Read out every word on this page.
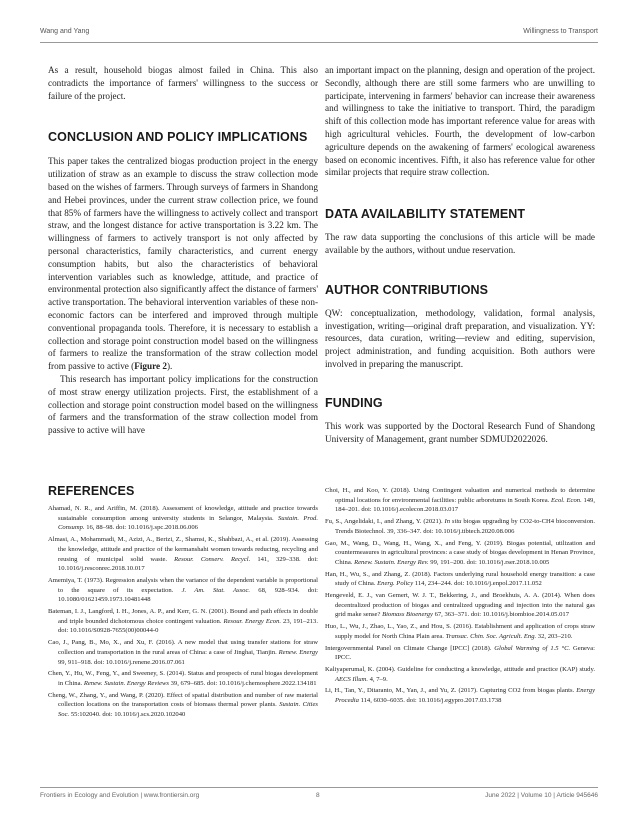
Wang and Yang	Willingness to Transport

As a result, household biogas almost failed in China. This also contradicts the importance of farmers' willingness to the success or failure of the project.

CONCLUSION AND POLICY IMPLICATIONS

This paper takes the centralized biogas production project in the energy utilization of straw as an example to discuss the straw collection mode based on the wishes of farmers. Through surveys of farmers in Shandong and Hebei provinces, under the current straw collection price, we found that 85% of farmers have the willingness to actively collect and transport straw, and the longest distance for active transportation is 3.22 km. The willingness of farmers to actively transport is not only affected by personal characteristics, family characteristics, and current energy consumption habits, but also the characteristics of behavioral intervention variables such as knowledge, attitude, and practice of environmental protection also significantly affect the distance of farmers' active transportation. The behavioral intervention variables of these non-economic factors can be interfered and improved through multiple conventional propaganda tools. Therefore, it is necessary to establish a collection and storage point construction model based on the willingness of farmers to realize the transformation of the straw collection model from passive to active (Figure 2).

This research has important policy implications for the construction of most straw energy utilization projects. First, the establishment of a collection and storage point construction model based on the willingness of farmers and the transformation of the straw collection model from passive to active will have

an important impact on the planning, design and operation of the project. Secondly, although there are still some farmers who are unwilling to participate, intervening in farmers' behavior can increase their awareness and willingness to take the initiative to transport. Third, the paradigm shift of this collection mode has important reference value for areas with high agricultural vehicles. Fourth, the development of low-carbon agriculture depends on the awakening of farmers' ecological awareness based on economic incentives. Fifth, it also has reference value for other similar projects that require straw collection.

DATA AVAILABILITY STATEMENT

The raw data supporting the conclusions of this article will be made available by the authors, without undue reservation.

AUTHOR CONTRIBUTIONS

QW: conceptualization, methodology, validation, formal analysis, investigation, writing—original draft preparation, and visualization. YY: resources, data curation, writing—review and editing, supervision, project administration, and funding acquisition. Both authors were involved in preparing the manuscript.

FUNDING

This work was supported by the Doctoral Research Fund of Shandong University of Management, grant number SDMUD2022026.

REFERENCES

Ahamad, N. R., and Ariffin, M. (2018). Assessment of knowledge, attitude and practice towards sustainable consumption among university students in Selangor, Malaysia. Sustain. Prod. Consump. 16, 88–98. doi: 10.1016/j.spc.2018.06.006

Almasi, A., Mohammadi, M., Azizi, A., Berizi, Z., Shamsi, K., Shahbazi, A., et al. (2019). Assessing the knowledge, attitude and practice of the kermanshahi women towards reducing, recycling and reusing of municipal solid waste. Resour. Conserv. Recycl. 141, 329–338. doi: 10.1016/j.resconrec.2018.10.017

Amemiya, T. (1973). Regression analysis when the variance of the dependent variable is proportional to the square of its expectation. J. Am. Stat. Assoc. 68, 928–934. doi: 10.1080/01621459.1973.10481448

Bateman, I. J., Langford, I. H., Jones, A. P., and Kerr, G. N. (2001). Bound and path effects in double and triple bounded dichotomous choice contingent valuation. Resour. Energy Econ. 23, 191–213. doi: 10.1016/S0928-7655(00)00044-0

Cao, J., Pang, B., Mo, X., and Xu, F. (2016). A new model that using transfer stations for straw collection and transportation in the rural areas of China: a case of Jinghai, Tianjin. Renew. Energy 99, 911–918. doi: 10.1016/j.renene.2016.07.061

Chen, Y., Hu, W., Feng, Y., and Sweeney, S. (2014). Status and prospects of rural biogas development in China. Renew. Sustain. Energy Reviews 39, 679–685. doi: 10.1016/j.chemosphere.2022.134181

Cheng, W., Zhang, Y., and Wang, P. (2020). Effect of spatial distribution and number of raw material collection locations on the transportation costs of biomass thermal power plants. Sustain. Cities Soc. 55:102040. doi: 10.1016/j.scs.2020.102040

Choi, H., and Koo, Y. (2018). Using Contingent valuation and numerical methods to determine optimal locations for environmental facilities: public arboretums in South Korea. Ecol. Econ. 149, 184–201. doi: 10.1016/j.ecolecon.2018.03.017

Fu, S., Angelidaki, I., and Zhang, Y. (2021). In situ biogas upgrading by CO2-to-CH4 bioconversion. Trends Biotechnol. 39, 336–347. doi: 10.1016/j.tibtech.2020.08.006

Gao, M., Wang, D., Wang, H., Wang, X., and Feng, Y. (2019). Biogas potential, utilization and countermeasures in agricultural provinces: a case study of biogas development in Henan Province, China. Renew. Sustain. Energy Rev. 99, 191–200. doi: 10.1016/j.rser.2018.10.005

Han, H., Wu, S., and Zhang, Z. (2018). Factors underlying rural household energy transition: a case study of China. Energ. Policy 114, 234–244. doi: 10.1016/j.enpol.2017.11.052

Hengeveld, E. J., van Gemert, W. J. T., Bekkering, J., and Broekhuis, A. A. (2014). When does decentralized production of biogas and centralized upgrading and injection into the natural gas grid make sense? Biomass Bioenergy 67, 363–371. doi: 10.1016/j.biombioe.2014.05.017

Huo, L., Wu, J., Zhao, L., Yao, Z., and Hou, S. (2016). Establishment and application of crops straw supply model for North China Plain area. Transac. Chin. Soc. Agricult. Eng. 32, 203–210.

Intergovernmental Panel on Climate Change [IPCC] (2018). Global Warming of 1.5 °C. Geneva: IPCC.

Kaliyaperumal, K. (2004). Guideline for conducting a knowledge, attitude and practice (KAP) study. AECS Illum. 4, 7–9.

Li, H., Tan, Y., Ditaranto, M., Yan, J., and Yu, Z. (2017). Capturing CO2 from biogas plants. Energy Procedia 114, 6030–6035. doi: 10.1016/j.egypro.2017.03.1738

Frontiers in Ecology and Evolution | www.frontiersin.org	8	June 2022 | Volume 10 | Article 945646
